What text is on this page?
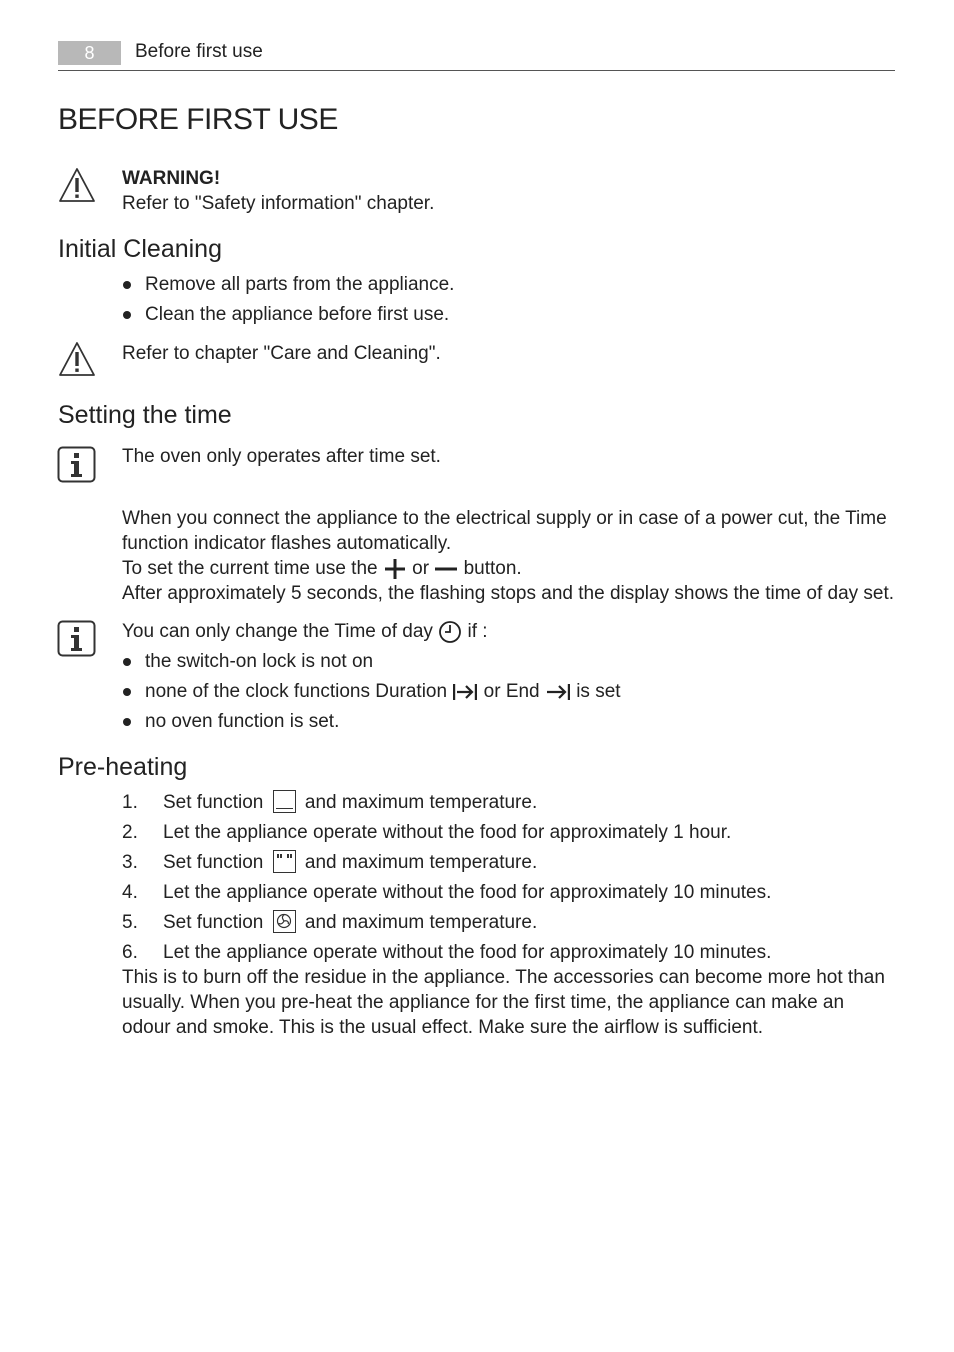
8	Before first use
BEFORE FIRST USE
WARNING!
Refer to "Safety information" chapter.
Initial Cleaning
Remove all parts from the appliance.
Clean the appliance before first use.
Refer to chapter "Care and Cleaning".
Setting the time
The oven only operates after time set.
When you connect the appliance to the electrical supply or in case of a power cut, the Time
function indicator flashes automatically.
To set the current time use the or button.
After approximately 5 seconds, the flashing stops and the display shows the time of day set.
You can only change the Time of day if :
the switch-on lock is not on
none of the clock functions Duration or End is set
no oven function is set.
Pre-heating
1. Set function and maximum temperature.
2. Let the appliance operate without the food for approximately 1 hour.
3. Set function and maximum temperature.
4. Let the appliance operate without the food for approximately 10 minutes.
5. Set function and maximum temperature.
6. Let the appliance operate without the food for approximately 10 minutes.
This is to burn off the residue in the appliance. The accessories can become more hot than
usually. When you pre-heat the appliance for the first time, the appliance can make an
odour and smoke. This is the usual effect. Make sure the airflow is sufficient.
